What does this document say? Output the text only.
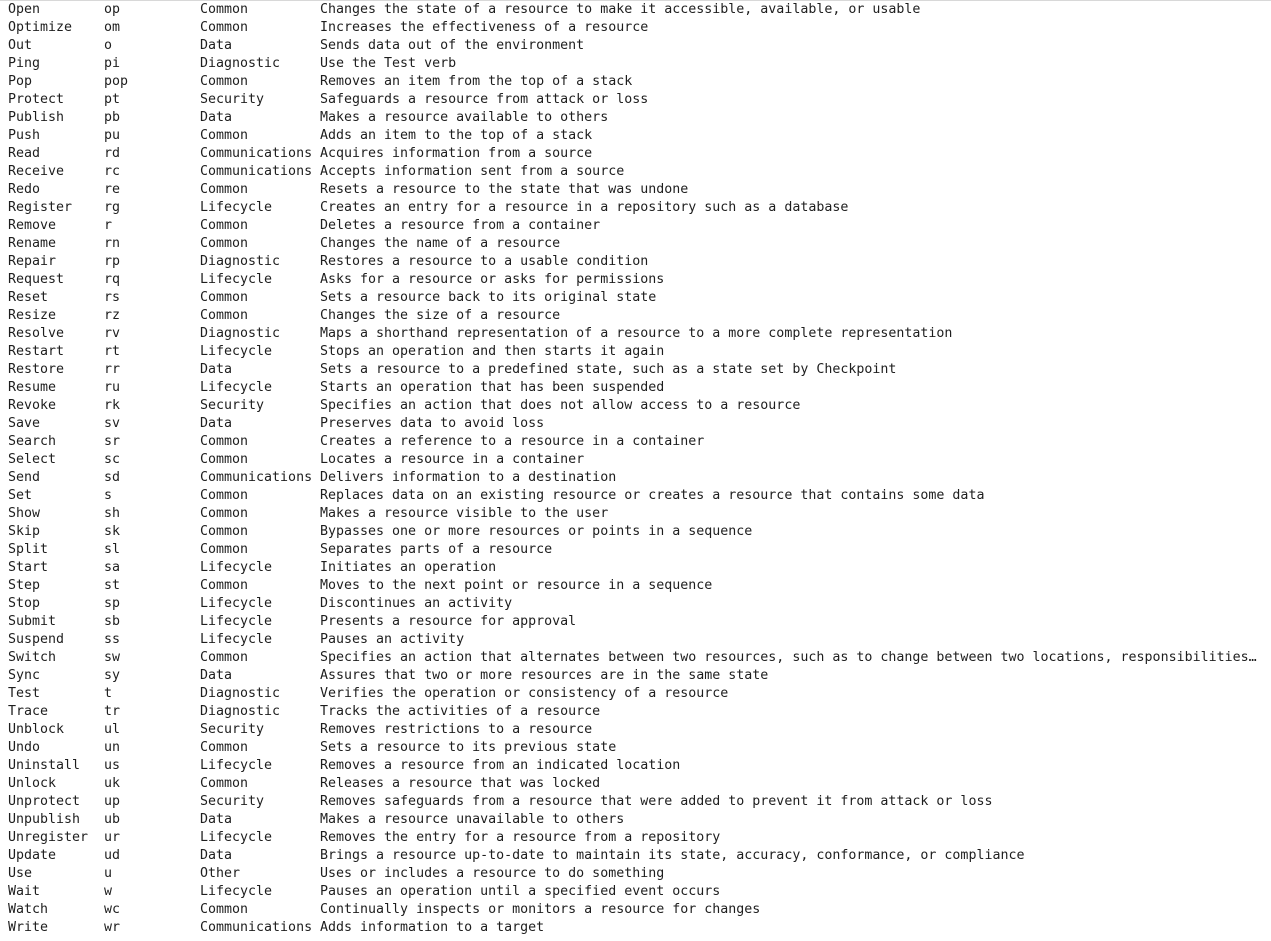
Open	op	Common	Changes the state of a resource to make it accessible, available, or usable
Optimize	om	Common	Increases the effectiveness of a resource
Out	o	Data	Sends data out of the environment
Ping	pi	Diagnostic	Use the Test verb
Pop	pop	Common	Removes an item from the top of a stack
Protect	pt	Security	Safeguards a resource from attack or loss
Publish	pb	Data	Makes a resource available to others
Push	pu	Common	Adds an item to the top of a stack
Read	rd	Communications Acquires information from a source
Receive	rc	Communications Accepts information sent from a source
Redo	re	Common	Resets a resource to the state that was undone
Register	rg	Lifecycle	Creates an entry for a resource in a repository such as a database
Remove	r	Common	Deletes a resource from a container
Rename	rn	Common	Changes the name of a resource
Repair	rp	Diagnostic	Restores a resource to a usable condition
Request	rq	Lifecycle	Asks for a resource or asks for permissions
Reset	rs	Common	Sets a resource back to its original state
Resize	rz	Common	Changes the size of a resource
Resolve	rv	Diagnostic	Maps a shorthand representation of a resource to a more complete representation
Restart	rt	Lifecycle	Stops an operation and then starts it again
Restore	rr	Data	Sets a resource to a predefined state, such as a state set by Checkpoint
Resume	ru	Lifecycle	Starts an operation that has been suspended
Revoke	rk	Security	Specifies an action that does not allow access to a resource
Save	sv	Data	Preserves data to avoid loss
Search	sr	Common	Creates a reference to a resource in a container
Select	sc	Common	Locates a resource in a container
Send	sd	Communications Delivers information to a destination
Set	s	Common	Replaces data on an existing resource or creates a resource that contains some data
Show	sh	Common	Makes a resource visible to the user
Skip	sk	Common	Bypasses one or more resources or points in a sequence
Split	sl	Common	Separates parts of a resource
Start	sa	Lifecycle	Initiates an operation
Step	st	Common	Moves to the next point or resource in a sequence
Stop	sp	Lifecycle	Discontinues an activity
Submit	sb	Lifecycle	Presents a resource for approval
Suspend	ss	Lifecycle	Pauses an activity
Switch	sw	Common	Specifies an action that alternates between two resources, such as to change between two locations, responsibilities…
Sync	sy	Data	Assures that two or more resources are in the same state
Test	t	Diagnostic	Verifies the operation or consistency of a resource
Trace	tr	Diagnostic	Tracks the activities of a resource
Unblock	ul	Security	Removes restrictions to a resource
Undo	un	Common	Sets a resource to its previous state
Uninstall	us	Lifecycle	Removes a resource from an indicated location
Unlock	uk	Common	Releases a resource that was locked
Unprotect	up	Security	Removes safeguards from a resource that were added to prevent it from attack or loss
Unpublish	ub	Data	Makes a resource unavailable to others
Unregister	ur	Lifecycle	Removes the entry for a resource from a repository
Update	ud	Data	Brings a resource up-to-date to maintain its state, accuracy, conformance, or compliance
Use	u	Other	Uses or includes a resource to do something
Wait	w	Lifecycle	Pauses an operation until a specified event occurs
Watch	wc	Common	Continually inspects or monitors a resource for changes
Write	wr	Communications Adds information to a target
